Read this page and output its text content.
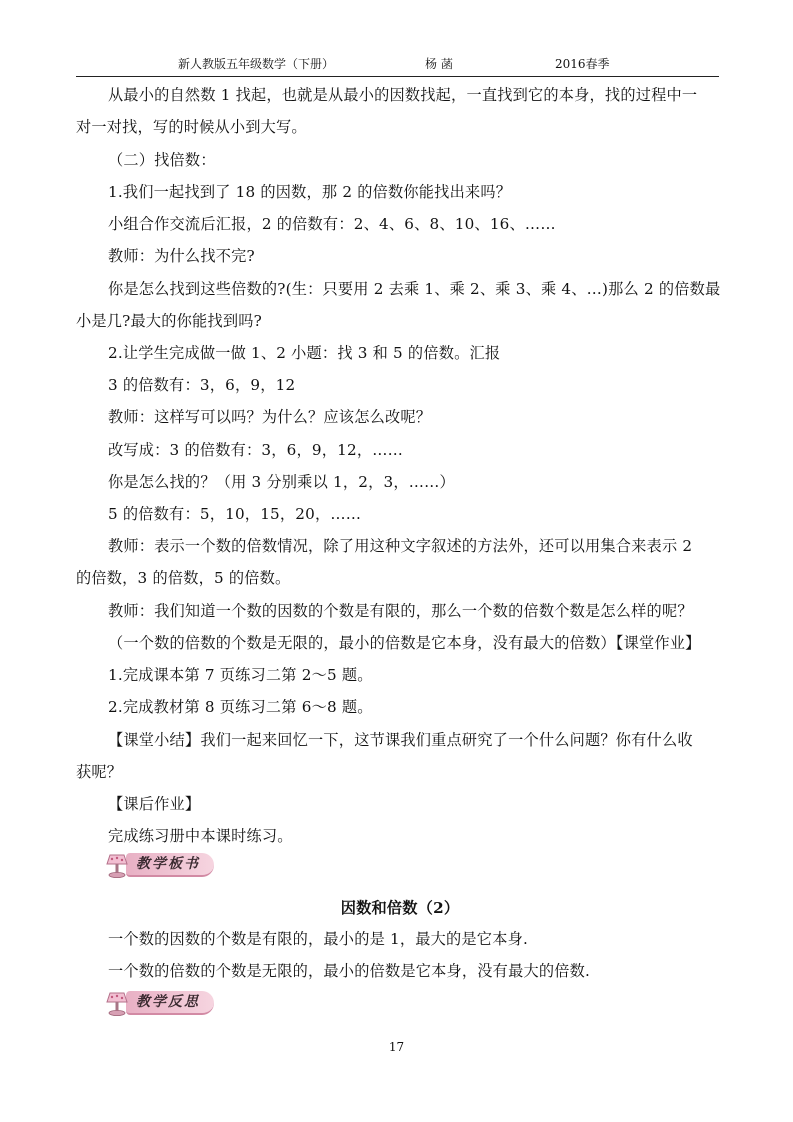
新人教版五年级数学（下册）	杨 菡	2016春季
从最小的自然数 1 找起，也就是从最小的因数找起，一直找到它的本身，找的过程中一
对一对找，写的时候从小到大写。
（二）找倍数：
1.我们一起找到了 18 的因数，那 2 的倍数你能找出来吗？
小组合作交流后汇报，2 的倍数有：2、4、6、8、10、16、……
教师：为什么找不完?
你是怎么找到这些倍数的?(生：只要用 2 去乘 1、乘 2、乘 3、乘 4、…)那么 2 的倍数最
小是几?最大的你能找到吗?
2.让学生完成做一做 1、2 小题：找 3 和 5 的倍数。汇报
3 的倍数有：3，6，9，12
教师：这样写可以吗？为什么？应该怎么改呢？
改写成：3 的倍数有：3，6，9，12，……
你是怎么找的？（用 3 分别乘以 1，2，3，……）
5 的倍数有：5，10，15，20，……
教师：表示一个数的倍数情况，除了用这种文字叙述的方法外，还可以用集合来表示 2
的倍数，3 的倍数，5 的倍数。
教师：我们知道一个数的因数的个数是有限的，那么一个数的倍数个数是怎么样的呢？
（一个数的倍数的个数是无限的，最小的倍数是它本身，没有最大的倍数）【课堂作业】
1.完成课本第 7 页练习二第 2～5 题。
2.完成教材第 8 页练习二第 6～8 题。
【课堂小结】我们一起来回忆一下，这节课我们重点研究了一个什么问题？你有什么收
获呢？
【课后作业】
完成练习册中本课时练习。
教学板书
因数和倍数（2）
一个数的因数的个数是有限的，最小的是 1，最大的是它本身.
一个数的倍数的个数是无限的，最小的倍数是它本身，没有最大的倍数.
教学反思
17
